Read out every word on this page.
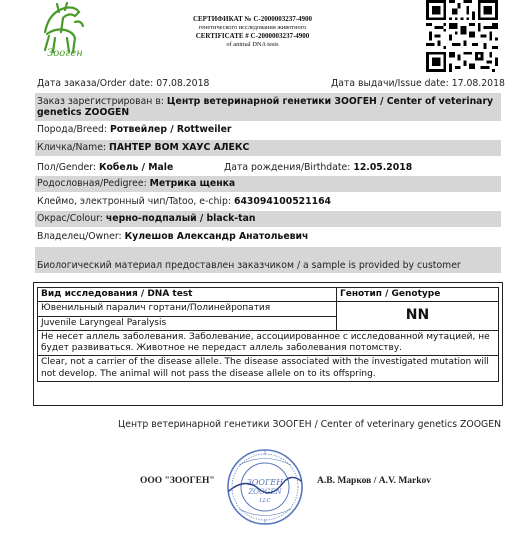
Зооген
СЕРТИФИКАТ № С-2000003237-4900
генетического исследования животного
CERTIFICATE # С-2000003237-4900
of animal DNA tests
Дата заказа/Order date: 07.08.2018	Дата выдачи/Issue date: 17.08.2018
Заказ зарегистрирован в: Центр ветеринарной генетики ЗООГЕН / Center of veterinary
genetics ZOOGEN
Порода/Breed: Ротвейлер / Rottweiler
Кличка/Name: ПАНТЕР ВОМ ХАУС АЛЕКС
Пол/Gender: Кобель / Male	Дата рождения/Birthdate: 12.05.2018
Родословная/Pedigree: Метрика щенка
Клеймо, электронный чип/Tatoo, e-chip: 643094100521164
Окрас/Colour: черно-подпалый / black-tan
Владелец/Owner: Кулешов Александр Анатольевич
Биологический материал предоставлен заказчиком / a sample is provided by customer
Вид исследования / DNA test	Генотип / Genotype
Ювенильный паралич гортани/Полинейропатия	NN
Juvenile Laryngeal Paralysis	
Не несет аллель заболевания. Заболевание, ассоциированное с исследованной мутацией, не будет развиваться. Животное не передаст аллель заболевания потомству.	
Clear, not a carrier of the disease allele. The disease associated with the investigated mutation will not develop. The animal will not pass the disease allele on to its offspring.	
Центр ветеринарной генетики ЗООГЕН / Center of veterinary genetics ZOOGEN
ООО "ЗООГЕН"	А.В. Марков / A.V. Markov
ЗООГЕН
ZOOGEN
LLC
